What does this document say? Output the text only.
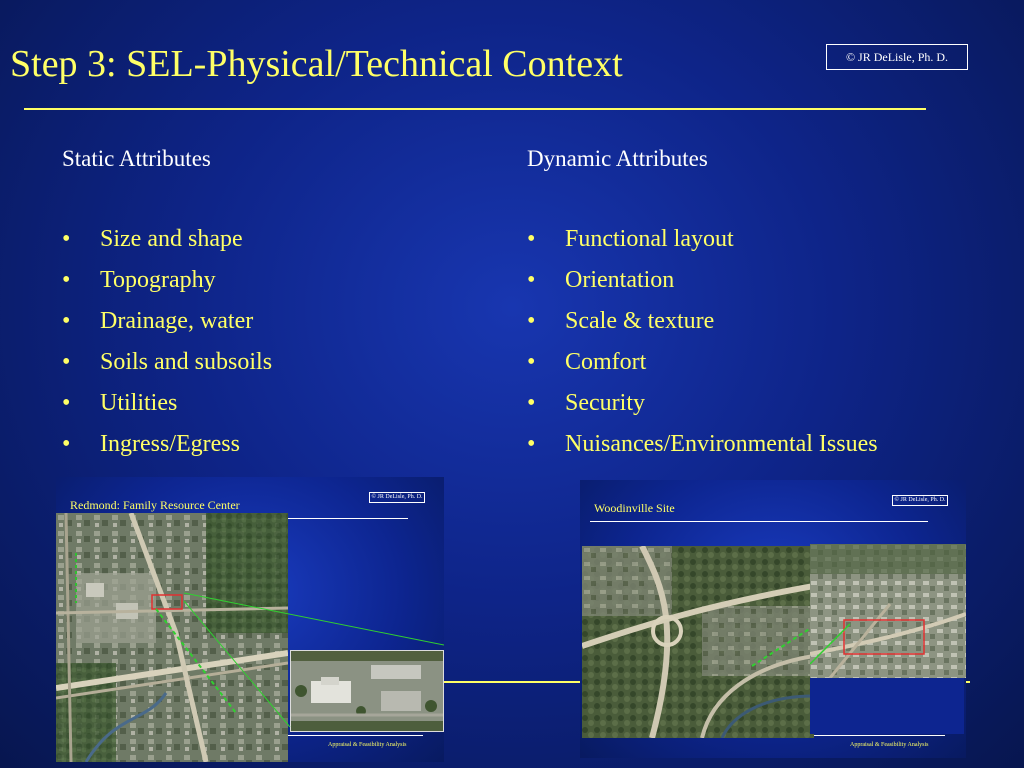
Step 3: SEL-Physical/Technical Context	© JR DeLisle, Ph. D.
Static Attributes
• Size and shape
• Topography
• Drainage, water
• Soils and subsoils
• Utilities
• Ingress/Egress
Dynamic Attributes
• Functional layout
• Orientation
• Scale & texture
• Comfort
• Security
• Nuisances/Environmental Issues
Redmond: Family Resource Center
© JR DeLisle, Ph. D.
Appraisal & Feasibility Analysis
Woodinville Site
© JR DeLisle, Ph. D.
Appraisal & Feasibility Analysis
